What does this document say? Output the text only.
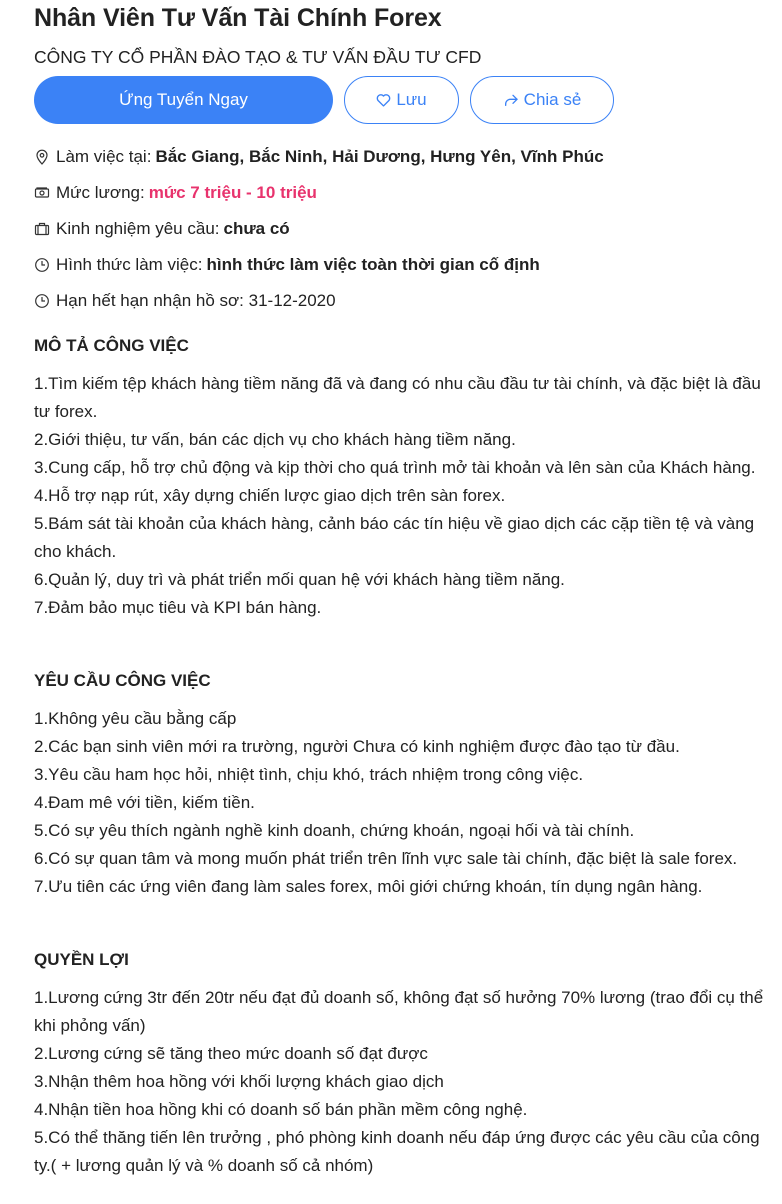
Nhân Viên Tư Vấn Tài Chính Forex
CÔNG TY CỔ PHẦN ĐÀO TẠO & TƯ VẤN ĐẦU TƯ CFD
Ứng Tuyển Ngay	Lưu	Chia sẻ
Làm việc tại: Bắc Giang, Bắc Ninh, Hải Dương, Hưng Yên, Vĩnh Phúc
Mức lương: mức 7 triệu - 10 triệu
Kinh nghiệm yêu cầu: chưa có
Hình thức làm việc: hình thức làm việc toàn thời gian cố định
Hạn hết hạn nhận hồ sơ: 31-12-2020
MÔ TẢ CÔNG VIỆC

1.Tìm kiếm tệp khách hàng tiềm năng đã và đang có nhu cầu đầu tư tài chính, và đặc biệt là đầu tư forex.

2.Giới thiệu, tư vấn, bán các dịch vụ cho khách hàng tiềm năng.

3.Cung cấp, hỗ trợ chủ động và kịp thời cho quá trình mở tài khoản và lên sàn của Khách hàng.

4.Hỗ trợ nạp rút, xây dựng chiến lược giao dịch trên sàn forex.

5.Bám sát tài khoản của khách hàng, cảnh báo các tín hiệu về giao dịch các cặp tiền tệ và vàng cho khách.

6.Quản lý, duy trì và phát triển mối quan hệ với khách hàng tiềm năng.

7.Đảm bảo mục tiêu và KPI bán hàng.

YÊU CẦU CÔNG VIỆC

1.Không yêu cầu bằng cấp

2.Các bạn sinh viên mới ra trường, người Chưa có kinh nghiệm được đào tạo từ đầu.

3.Yêu cầu ham học hỏi, nhiệt tình, chịu khó, trách nhiệm trong công việc.

4.Đam mê với tiền, kiếm tiền.

5.Có sự yêu thích ngành nghề kinh doanh, chứng khoán, ngoại hối và tài chính.

6.Có sự quan tâm và mong muốn phát triển trên lĩnh vực sale tài chính, đặc biệt là sale forex.

7.Ưu tiên các ứng viên đang làm sales forex, môi giới chứng khoán, tín dụng ngân hàng.

QUYỀN LỢI

1.Lương cứng 3tr đến 20tr nếu đạt đủ doanh số, không đạt số hưởng 70% lương (trao đổi cụ thể khi phỏng vấn)

2.Lương cứng sẽ tăng theo mức doanh số đạt được

3.Nhận thêm hoa hồng với khối lượng khách giao dịch

4.Nhận tiền hoa hồng khi có doanh số bán phần mềm công nghệ.

5.Có thể thăng tiến lên trưởng , phó phòng kinh doanh nếu đáp ứng được các yêu cầu của công ty.( + lương quản lý và % doanh số cả nhóm)
